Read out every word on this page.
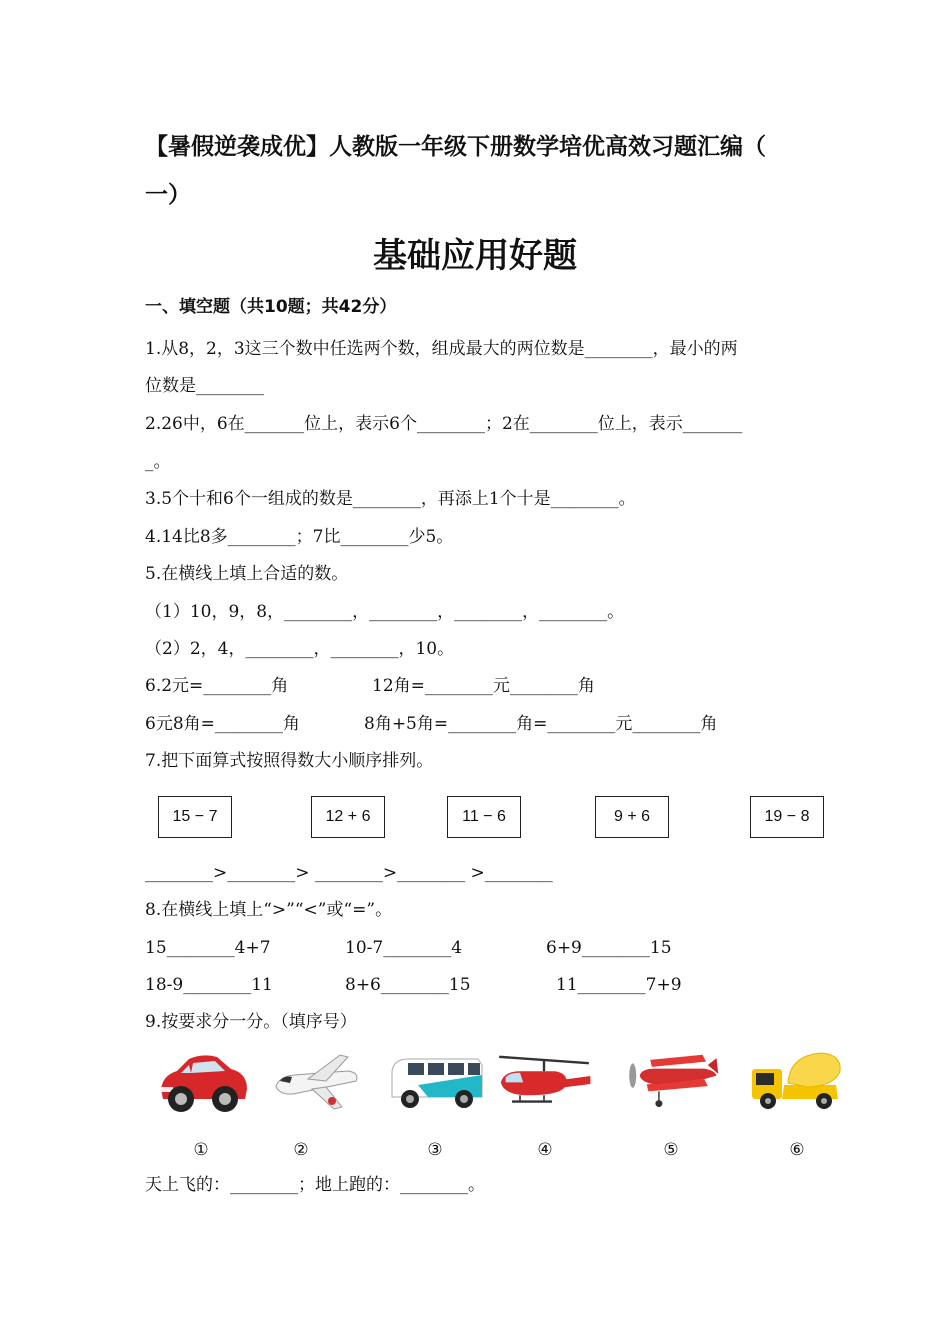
【暑假逆袭成优】人教版一年级下册数学培优高效习题汇编（
一）
基础应用好题
一、填空题（共10题；共42分）
1.从8，2，3这三个数中任选两个数，组成最大的两位数是________，最小的两
位数是________
2.26中，6在_______位上，表示6个________；2在________位上，表示_______
_。
3.5个十和6个一组成的数是________，再添上1个十是________。
4.14比8多________；7比________少5。
5.在横线上填上合适的数。
（1）10，9，8，________，________，________，________。
（2）2，4，________，________，10。
6.2元=________角	12角=________元________角
6元8角=________角	8角+5角=________角=________元________角
7.把下面算式按照得数大小顺序排列。
15 − 7	12 + 6	11 − 6	9 + 6	19 − 8
________>________> ________>________ >________
8.在横线上填上“>”“<”或“=”。
15________4+7	10-7________4	6+9________15
18-9________11	8+6________15	11________7+9
9.按要求分一分。（填序号）
①	②	③	④	⑤	⑥
天上飞的：________；地上跑的：________。
